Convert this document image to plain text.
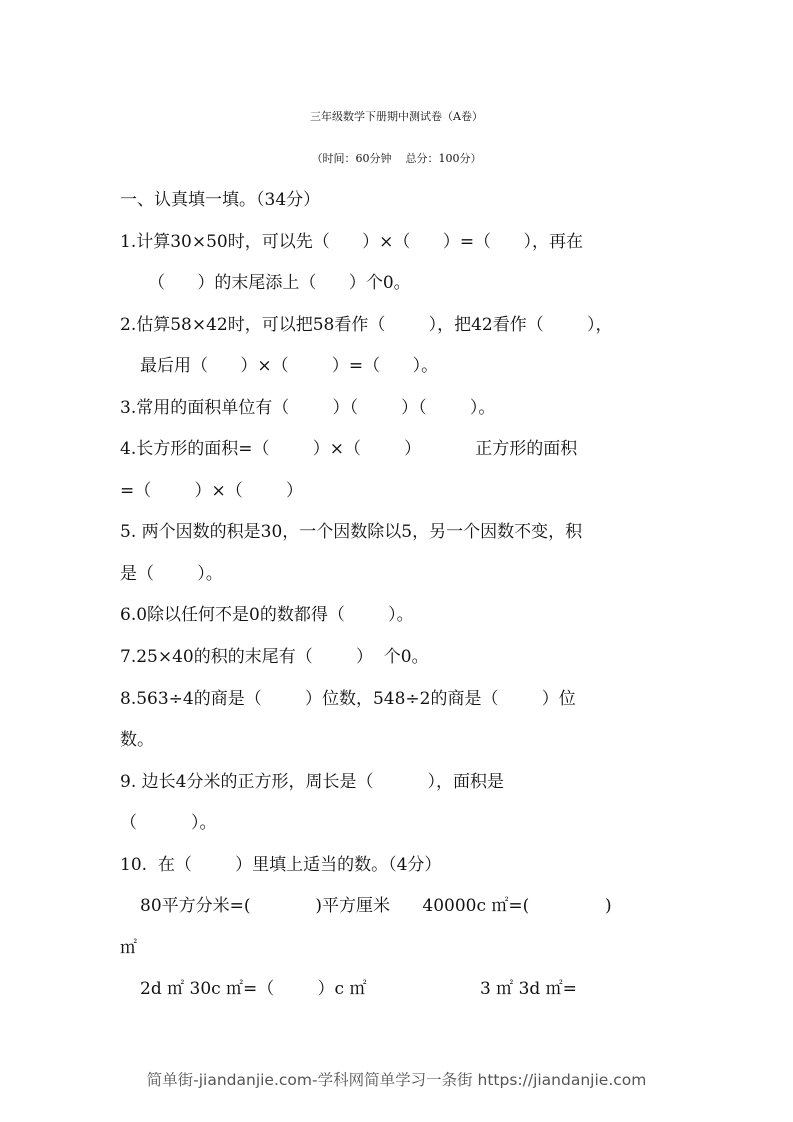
三年级数学下册期中测试卷（A卷）
（时间：60分钟    总分：100分）
一、认真填一填。（34分）
1.计算30×50时，可以先（      ）×（      ）=（      ），再在
（      ）的末尾添上（      ）个0。
2.估算58×42时，可以把58看作（        ），把42看作（        ），
最后用（      ）×（        ）=（      ）。
3.常用的面积单位有（        ）（        ）（        ）。
4.长方形的面积=（        ）×（        ）          正方形的面积
=（        ）×（        ）
5. 两个因数的积是30，一个因数除以5，另一个因数不变，积
是（        ）。
6.0除以任何不是0的数都得（        ）。
7.25×40的积的末尾有（        ）  个0。
8.563÷4的商是（        ）位数，548÷2的商是（        ）位
数。
9. 边长4分米的正方形，周长是（          ），面积是
（          ）。
10.  在（        ）里填上适当的数。（4分）
80平方分米=(            )平方厘米      40000c ㎡=(              )
㎡
2d ㎡ 30c ㎡=（        ）c ㎡                     3 ㎡ 3d ㎡=
简单街-jiandanjie.com-学科网简单学习一条街 https://jiandanjie.com
